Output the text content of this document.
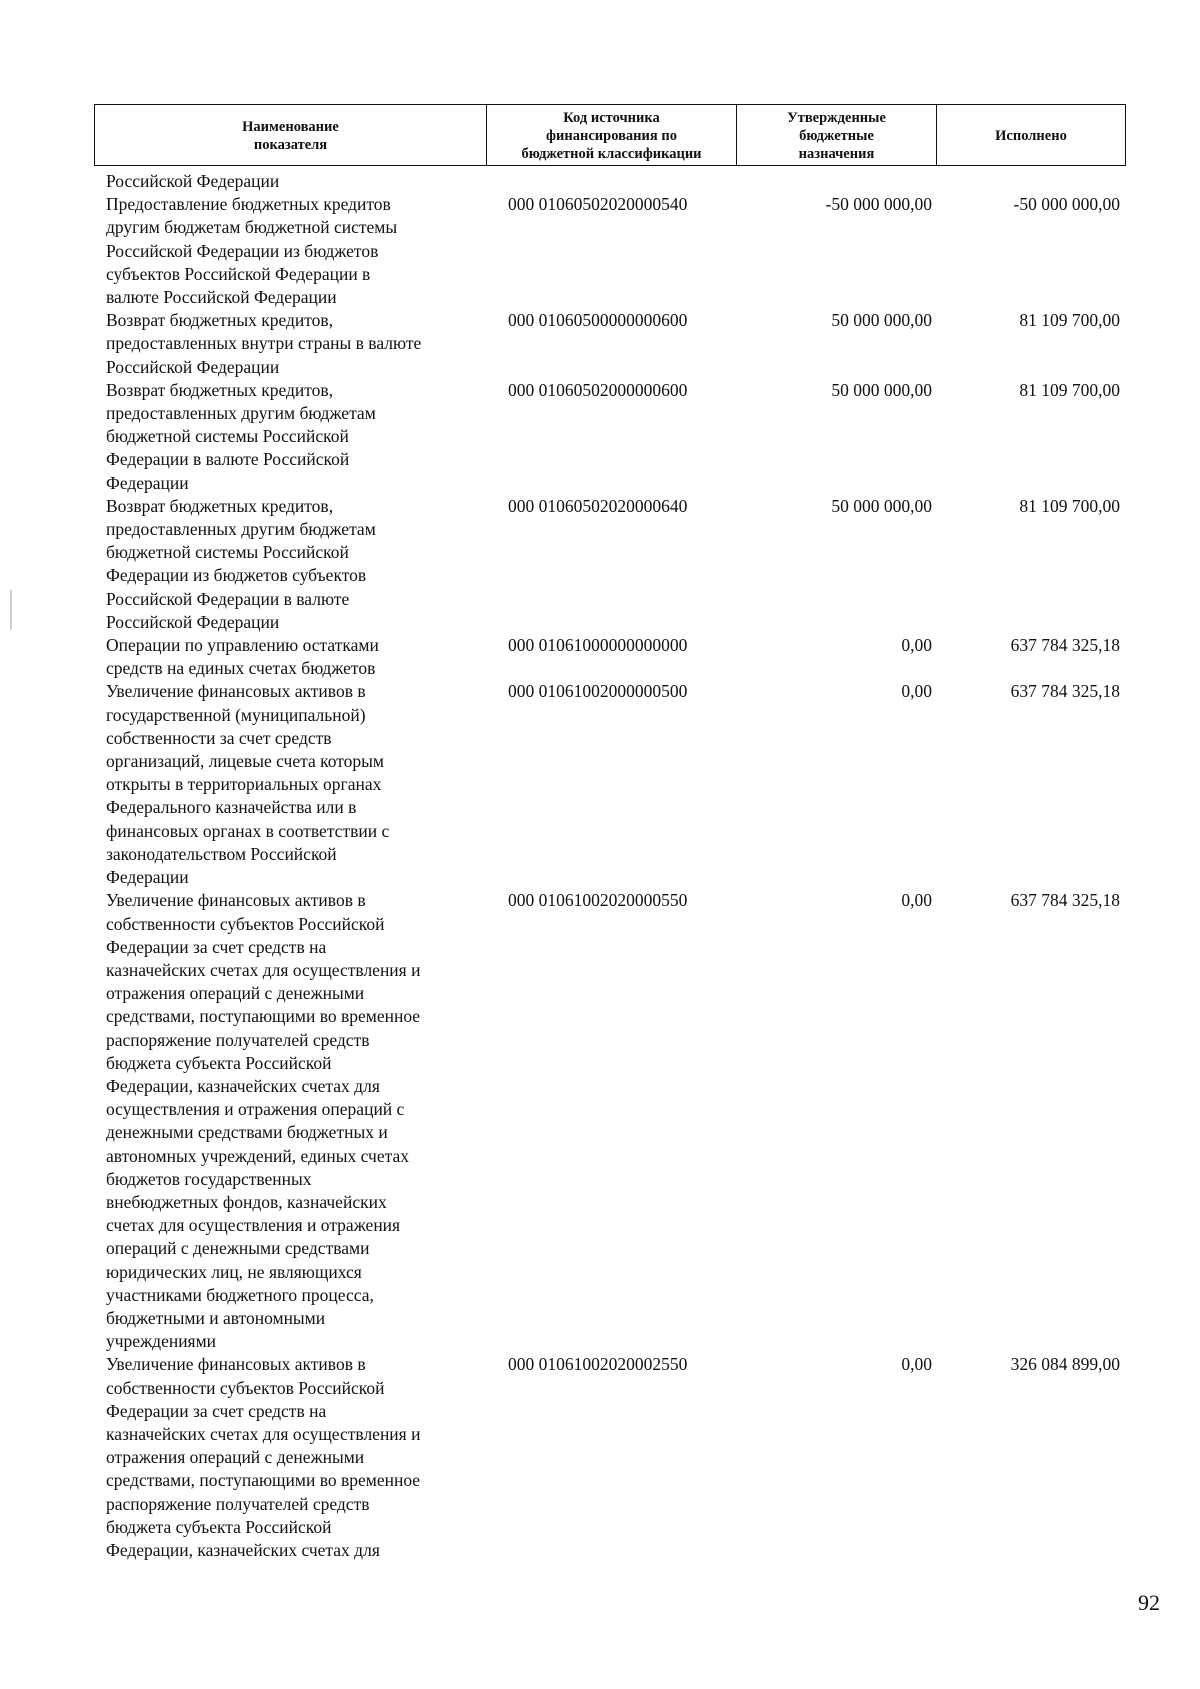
Наименование
показателя
Код источника
финансирования по
бюджетной классификации
Утвержденные
бюджетные
назначения
Исполнено
Российской Федерации
Предоставление бюджетных кредитов
другим бюджетам бюджетной системы
Российской Федерации из бюджетов
субъектов Российской Федерации в
валюте Российской Федерации
000 01060502020000540	-50 000 000,00	-50 000 000,00
Возврат бюджетных кредитов,
предоставленных внутри страны в валюте
Российской Федерации
000 01060500000000600	50 000 000,00	81 109 700,00
Возврат бюджетных кредитов,
предоставленных другим бюджетам
бюджетной системы Российской
Федерации в валюте Российской
Федерации
000 01060502000000600	50 000 000,00	81 109 700,00
Возврат бюджетных кредитов,
предоставленных другим бюджетам
бюджетной системы Российской
Федерации из бюджетов субъектов
Российской Федерации в валюте
Российской Федерации
000 01060502020000640	50 000 000,00	81 109 700,00
Операции по управлению остатками
средств на единых счетах бюджетов
000 01061000000000000	0,00	637 784 325,18
Увеличение финансовых активов в
государственной (муниципальной)
собственности за счет средств
организаций, лицевые счета которым
открыты в территориальных органах
Федерального казначейства или в
финансовых органах в соответствии с
законодательством Российской
Федерации
000 01061002000000500	0,00	637 784 325,18
Увеличение финансовых активов в
собственности субъектов Российской
Федерации за счет средств на
казначейских счетах для осуществления и
отражения операций с денежными
средствами, поступающими во временное
распоряжение получателей средств
бюджета субъекта Российской
Федерации, казначейских счетах для
осуществления и отражения операций с
денежными средствами бюджетных и
автономных учреждений, единых счетах
бюджетов государственных
внебюджетных фондов, казначейских
счетах для осуществления и отражения
операций с денежными средствами
юридических лиц, не являющихся
участниками бюджетного процесса,
бюджетными и автономными
учреждениями
000 01061002020000550	0,00	637 784 325,18
Увеличение финансовых активов в
собственности субъектов Российской
Федерации за счет средств на
казначейских счетах для осуществления и
отражения операций с денежными
средствами, поступающими во временное
распоряжение получателей средств
бюджета субъекта Российской
Федерации, казначейских счетах для
000 01061002020002550	0,00	326 084 899,00
92
